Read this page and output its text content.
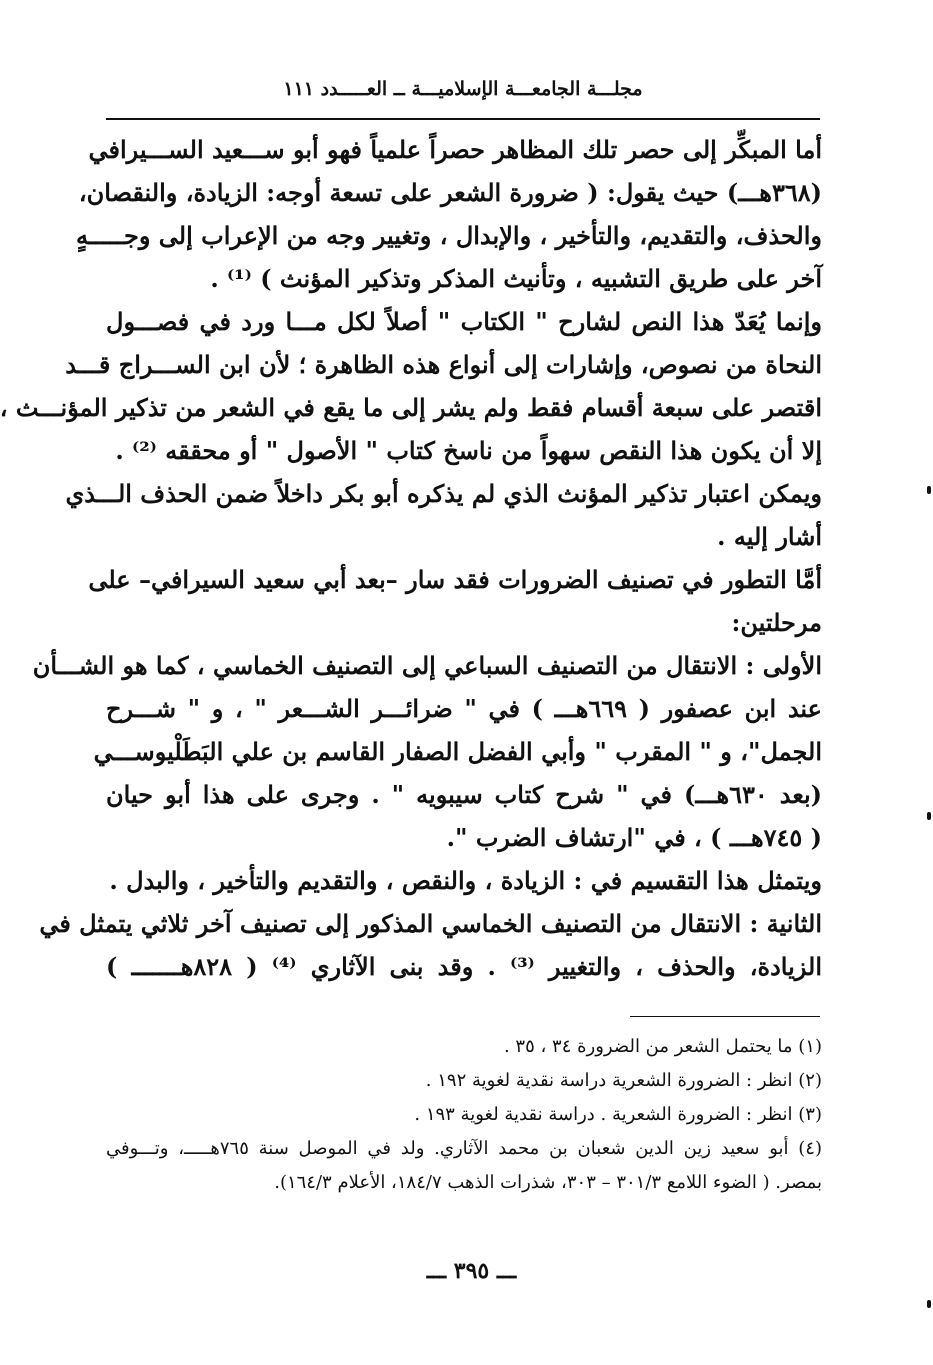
مجلـــة الجامعـــة الإسلاميـــة ــ العـــــدد ١١١
أما المبكِّر إلى حصر تلك المظاهر حصراً علمياً فهو أبو ســـعيد الســـيرافي
(٣٦٨هـــ) حيث يقول: ( ضرورة الشعر على تسعة أوجه: الزيادة، والنقصان،
والحذف، والتقديم، والتأخير ، والإبدال ، وتغيير وجه من الإعراب إلى وجـــــهٍ
آخر على طريق التشبيه ، وتأنيث المذكر وتذكير المؤنث ) ⁽¹⁾ .
وإنما يُعَدّ هذا النص لشارح " الكتاب " أصلاً لكل مـــا ورد في فصـــول
النحاة من نصوص، وإشارات إلى أنواع هذه الظاهرة ؛ لأن ابن الســـراج قـــد
اقتصر على سبعة أقسام فقط ولم يشر إلى ما يقع في الشعر من تذكير المؤنـــث ،
إلا أن يكون هذا النقص سهواً من ناسخ كتاب " الأصول " أو محققه ⁽²⁾ .
ويمكن اعتبار تذكير المؤنث الذي لم يذكره أبو بكر داخلاً ضمن الحذف الـــذي
أشار إليه .
أمَّا التطور في تصنيف الضرورات فقد سار –بعد أبي سعيد السيرافي– على
مرحلتين:
الأولى : الانتقال من التصنيف السباعي إلى التصنيف الخماسي ، كما هو الشـــأن
عند ابن عصفور ( ٦٦٩هـــ ) في " ضرائـــر الشـــعر " ، و " شـــرح
الجمل"، و " المقرب " وأبي الفضل الصفار القاسم بن علي البَطَلْيوســـي
(بعد ٦٣٠هـــ) في " شرح كتاب سيبويه " . وجرى على هذا أبو حيان
( ٧٤٥هـــ ) ، في "ارتشاف الضرب ".
ويتمثل هذا التقسيم في : الزيادة ، والنقص ، والتقديم والتأخير ، والبدل .
الثانية : الانتقال من التصنيف الخماسي المذكور إلى تصنيف آخر ثلاثي يتمثل في
الزيادة، والحذف ، والتغيير ⁽³⁾ . وقد بنى الآثاري ⁽⁴⁾ ( ٨٢٨هـــــــ )
(١) ما يحتمل الشعر من الضرورة ٣٤ ، ٣٥ .
(٢) انظر : الضرورة الشعرية دراسة نقدية لغوية ١٩٢ .
(٣) انظر : الضرورة الشعرية . دراسة نقدية لغوية ١٩٣ .
(٤) أبو سعيد زين الدين شعبان بن محمد الآثاري. ولد في الموصل سنة ٧٦٥هـــــ، وتـــوفي
بمصر. ( الضوء اللامع ٣٠١/٣ – ٣٠٣، شذرات الذهب ١٨٤/٧، الأعلام ١٦٤/٣).
ـــ ٣٩٥ ـــ
